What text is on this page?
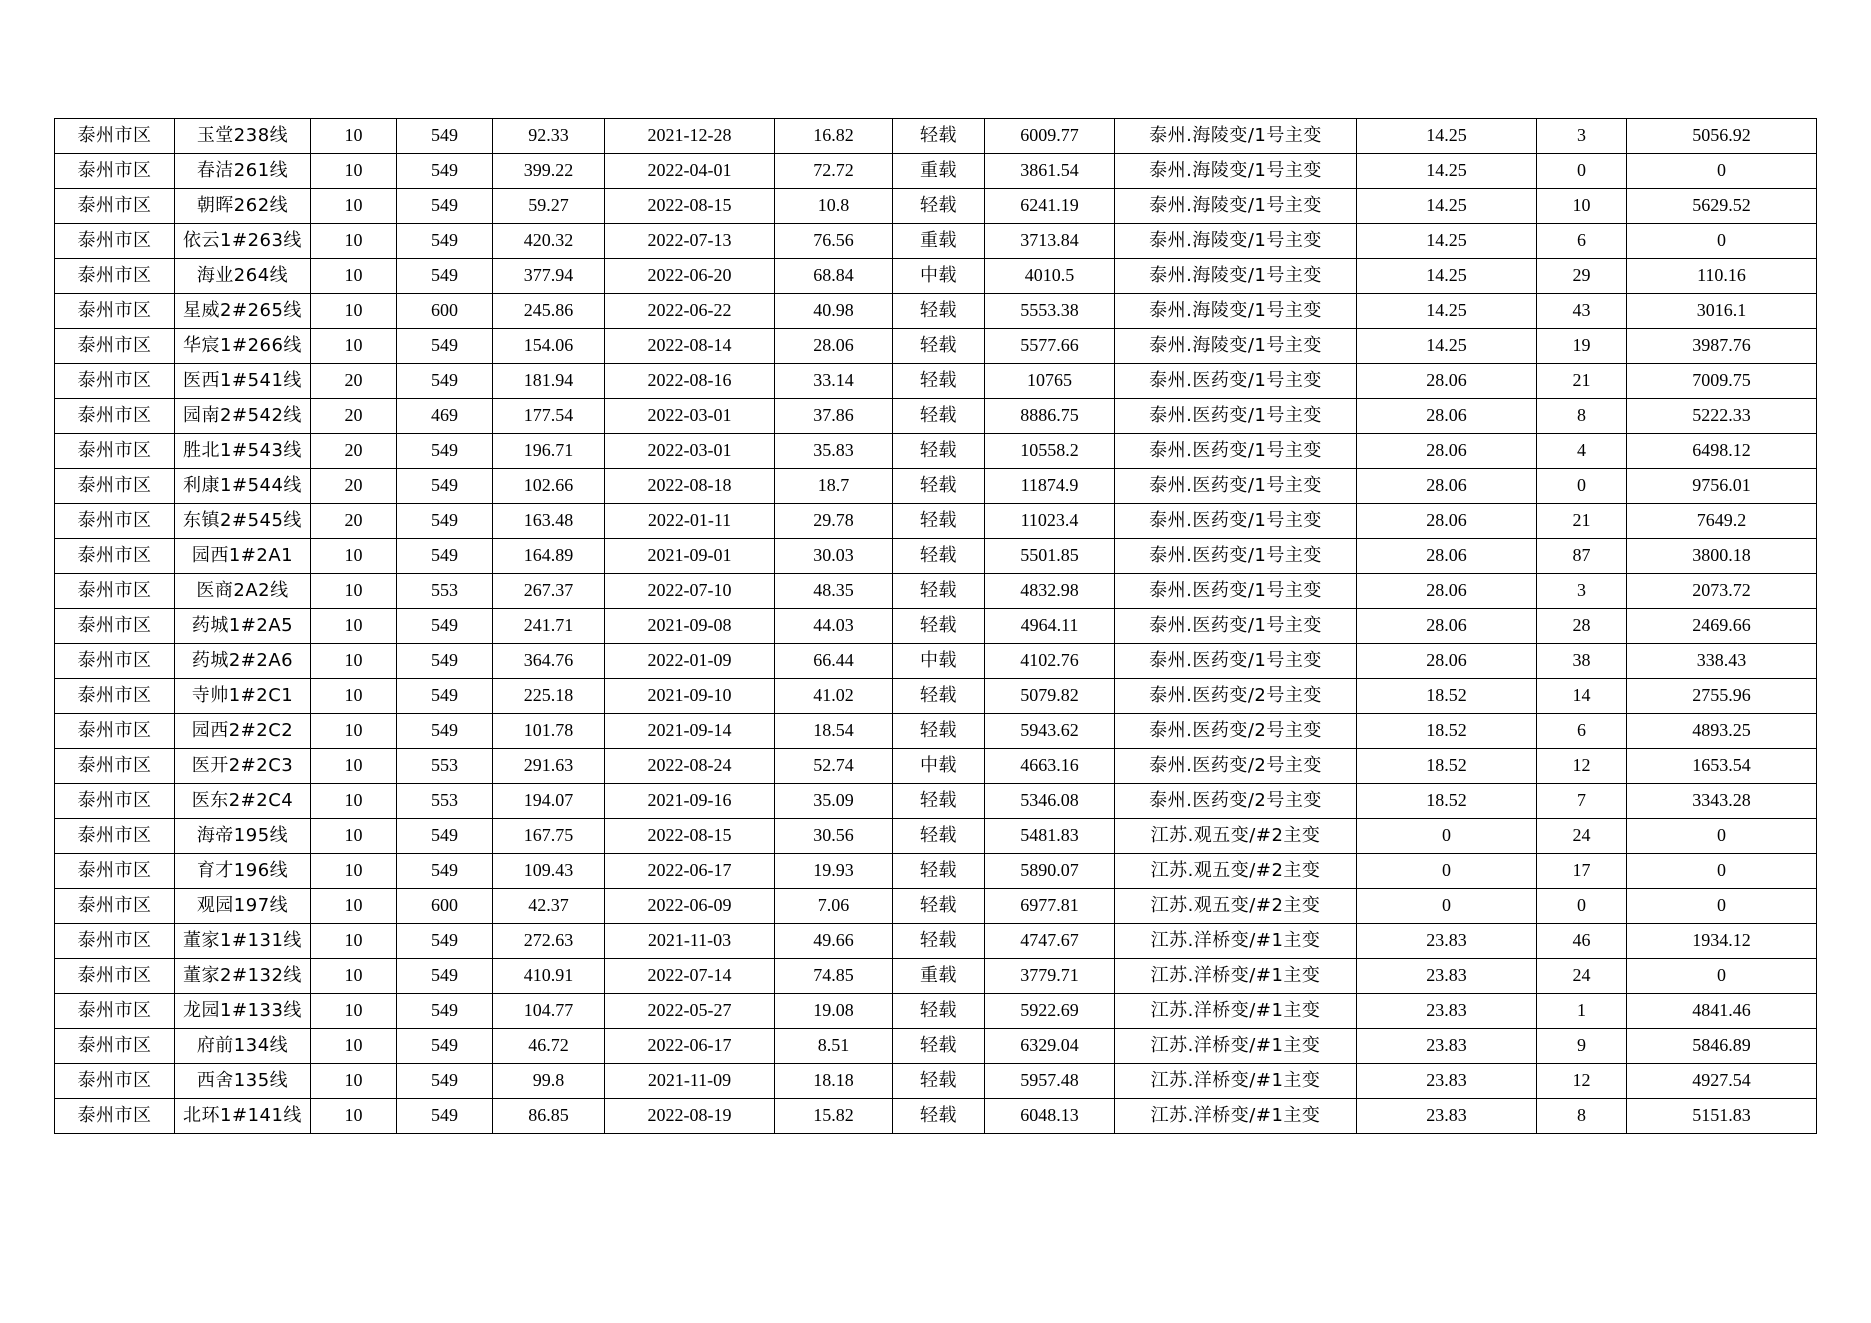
泰州市区	玉堂238线	10	549	92.33	2021-12-28	16.82	轻载	6009.77	泰州.海陵变/1号主变	14.25	3	5056.92
泰州市区	春洁261线	10	549	399.22	2022-04-01	72.72	重载	3861.54	泰州.海陵变/1号主变	14.25	0	0
泰州市区	朝晖262线	10	549	59.27	2022-08-15	10.8	轻载	6241.19	泰州.海陵变/1号主变	14.25	10	5629.52
泰州市区	依云1#263线	10	549	420.32	2022-07-13	76.56	重载	3713.84	泰州.海陵变/1号主变	14.25	6	0
泰州市区	海业264线	10	549	377.94	2022-06-20	68.84	中载	4010.5	泰州.海陵变/1号主变	14.25	29	110.16
泰州市区	星威2#265线	10	600	245.86	2022-06-22	40.98	轻载	5553.38	泰州.海陵变/1号主变	14.25	43	3016.1
泰州市区	华宸1#266线	10	549	154.06	2022-08-14	28.06	轻载	5577.66	泰州.海陵变/1号主变	14.25	19	3987.76
泰州市区	医西1#541线	20	549	181.94	2022-08-16	33.14	轻载	10765	泰州.医药变/1号主变	28.06	21	7009.75
泰州市区	园南2#542线	20	469	177.54	2022-03-01	37.86	轻载	8886.75	泰州.医药变/1号主变	28.06	8	5222.33
泰州市区	胜北1#543线	20	549	196.71	2022-03-01	35.83	轻载	10558.2	泰州.医药变/1号主变	28.06	4	6498.12
泰州市区	利康1#544线	20	549	102.66	2022-08-18	18.7	轻载	11874.9	泰州.医药变/1号主变	28.06	0	9756.01
泰州市区	东镇2#545线	20	549	163.48	2022-01-11	29.78	轻载	11023.4	泰州.医药变/1号主变	28.06	21	7649.2
泰州市区	园西1#2A1	10	549	164.89	2021-09-01	30.03	轻载	5501.85	泰州.医药变/1号主变	28.06	87	3800.18
泰州市区	医商2A2线	10	553	267.37	2022-07-10	48.35	轻载	4832.98	泰州.医药变/1号主变	28.06	3	2073.72
泰州市区	药城1#2A5	10	549	241.71	2021-09-08	44.03	轻载	4964.11	泰州.医药变/1号主变	28.06	28	2469.66
泰州市区	药城2#2A6	10	549	364.76	2022-01-09	66.44	中载	4102.76	泰州.医药变/1号主变	28.06	38	338.43
泰州市区	寺帅1#2C1	10	549	225.18	2021-09-10	41.02	轻载	5079.82	泰州.医药变/2号主变	18.52	14	2755.96
泰州市区	园西2#2C2	10	549	101.78	2021-09-14	18.54	轻载	5943.62	泰州.医药变/2号主变	18.52	6	4893.25
泰州市区	医开2#2C3	10	553	291.63	2022-08-24	52.74	中载	4663.16	泰州.医药变/2号主变	18.52	12	1653.54
泰州市区	医东2#2C4	10	553	194.07	2021-09-16	35.09	轻载	5346.08	泰州.医药变/2号主变	18.52	7	3343.28
泰州市区	海帝195线	10	549	167.75	2022-08-15	30.56	轻载	5481.83	江苏.观五变/#2主变	0	24	0
泰州市区	育才196线	10	549	109.43	2022-06-17	19.93	轻载	5890.07	江苏.观五变/#2主变	0	17	0
泰州市区	观园197线	10	600	42.37	2022-06-09	7.06	轻载	6977.81	江苏.观五变/#2主变	0	0	0
泰州市区	董家1#131线	10	549	272.63	2021-11-03	49.66	轻载	4747.67	江苏.洋桥变/#1主变	23.83	46	1934.12
泰州市区	董家2#132线	10	549	410.91	2022-07-14	74.85	重载	3779.71	江苏.洋桥变/#1主变	23.83	24	0
泰州市区	龙园1#133线	10	549	104.77	2022-05-27	19.08	轻载	5922.69	江苏.洋桥变/#1主变	23.83	1	4841.46
泰州市区	府前134线	10	549	46.72	2022-06-17	8.51	轻载	6329.04	江苏.洋桥变/#1主变	23.83	9	5846.89
泰州市区	西舍135线	10	549	99.8	2021-11-09	18.18	轻载	5957.48	江苏.洋桥变/#1主变	23.83	12	4927.54
泰州市区	北环1#141线	10	549	86.85	2022-08-19	15.82	轻载	6048.13	江苏.洋桥变/#1主变	23.83	8	5151.83
